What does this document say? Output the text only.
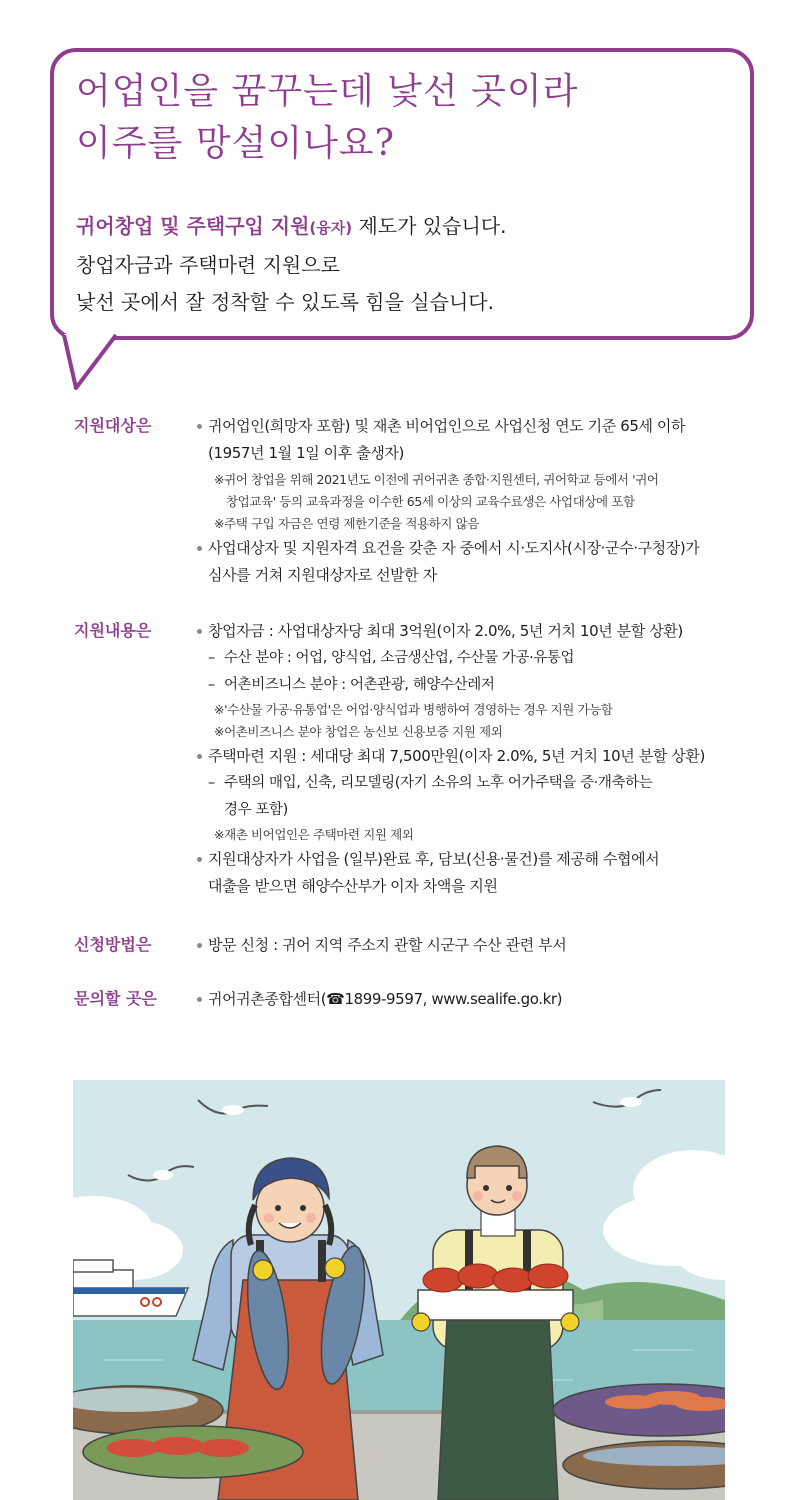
어업인을 꿈꾸는데 낯선 곳이라
이주를 망설이나요?
귀어창업 및 주택구입 지원(융자) 제도가 있습니다.
창업자금과 주택마련 지원으로
낯선 곳에서 잘 정착할 수 있도록 힘을 실습니다.
지원대상은	귀어업인(희망자 포함) 및 재촌 비어업인으로 사업신청 연도 기준 65세 이하
(1957년 1월 1일 이후 출생자)
※귀어 창업을 위해 2021년도 이전에 귀어귀촌 종합·지원센터, 귀어학교 등에서 '귀어
창업교육' 등의 교육과정을 이수한 65세 이상의 교육수료생은 사업대상에 포함
※주택 구입 자금은 연령 제한기준을 적용하지 않음
사업대상자 및 지원자격 요건을 갖춘 자 중에서 시·도지사(시장·군수·구청장)가
심사를 거쳐 지원대상자로 선발한 자
지원내용은	창업자금 : 사업대상자당 최대 3억원(이자 2.0%, 5년 거치 10년 분할 상환)
– 수산 분야 : 어업, 양식업, 소금생산업, 수산물 가공·유통업
– 어촌비즈니스 분야 : 어촌관광, 해양수산레저
※'수산물 가공·유통업'은 어업·양식업과 병행하여 경영하는 경우 지원 가능함
※어촌비즈니스 분야 창업은 농신보 신용보증 지원 제외
주택마련 지원 : 세대당 최대 7,500만원(이자 2.0%, 5년 거치 10년 분할 상환)
– 주택의 매입, 신축, 리모델링(자기 소유의 노후 어가주택을 증·개축하는
경우 포함)
※재촌 비어업인은 주택마련 지원 제외
지원대상자가 사업을 (일부)완료 후, 담보(신용·물건)를 제공해 수협에서
대출을 받으면 해양수산부가 이자 차액을 지원
신청방법은	방문 신청 : 귀어 지역 주소지 관할 시군구 수산 관련 부서
문의할 곳은	귀어귀촌종합센터(☎1899-9597, www.sealife.go.kr)
